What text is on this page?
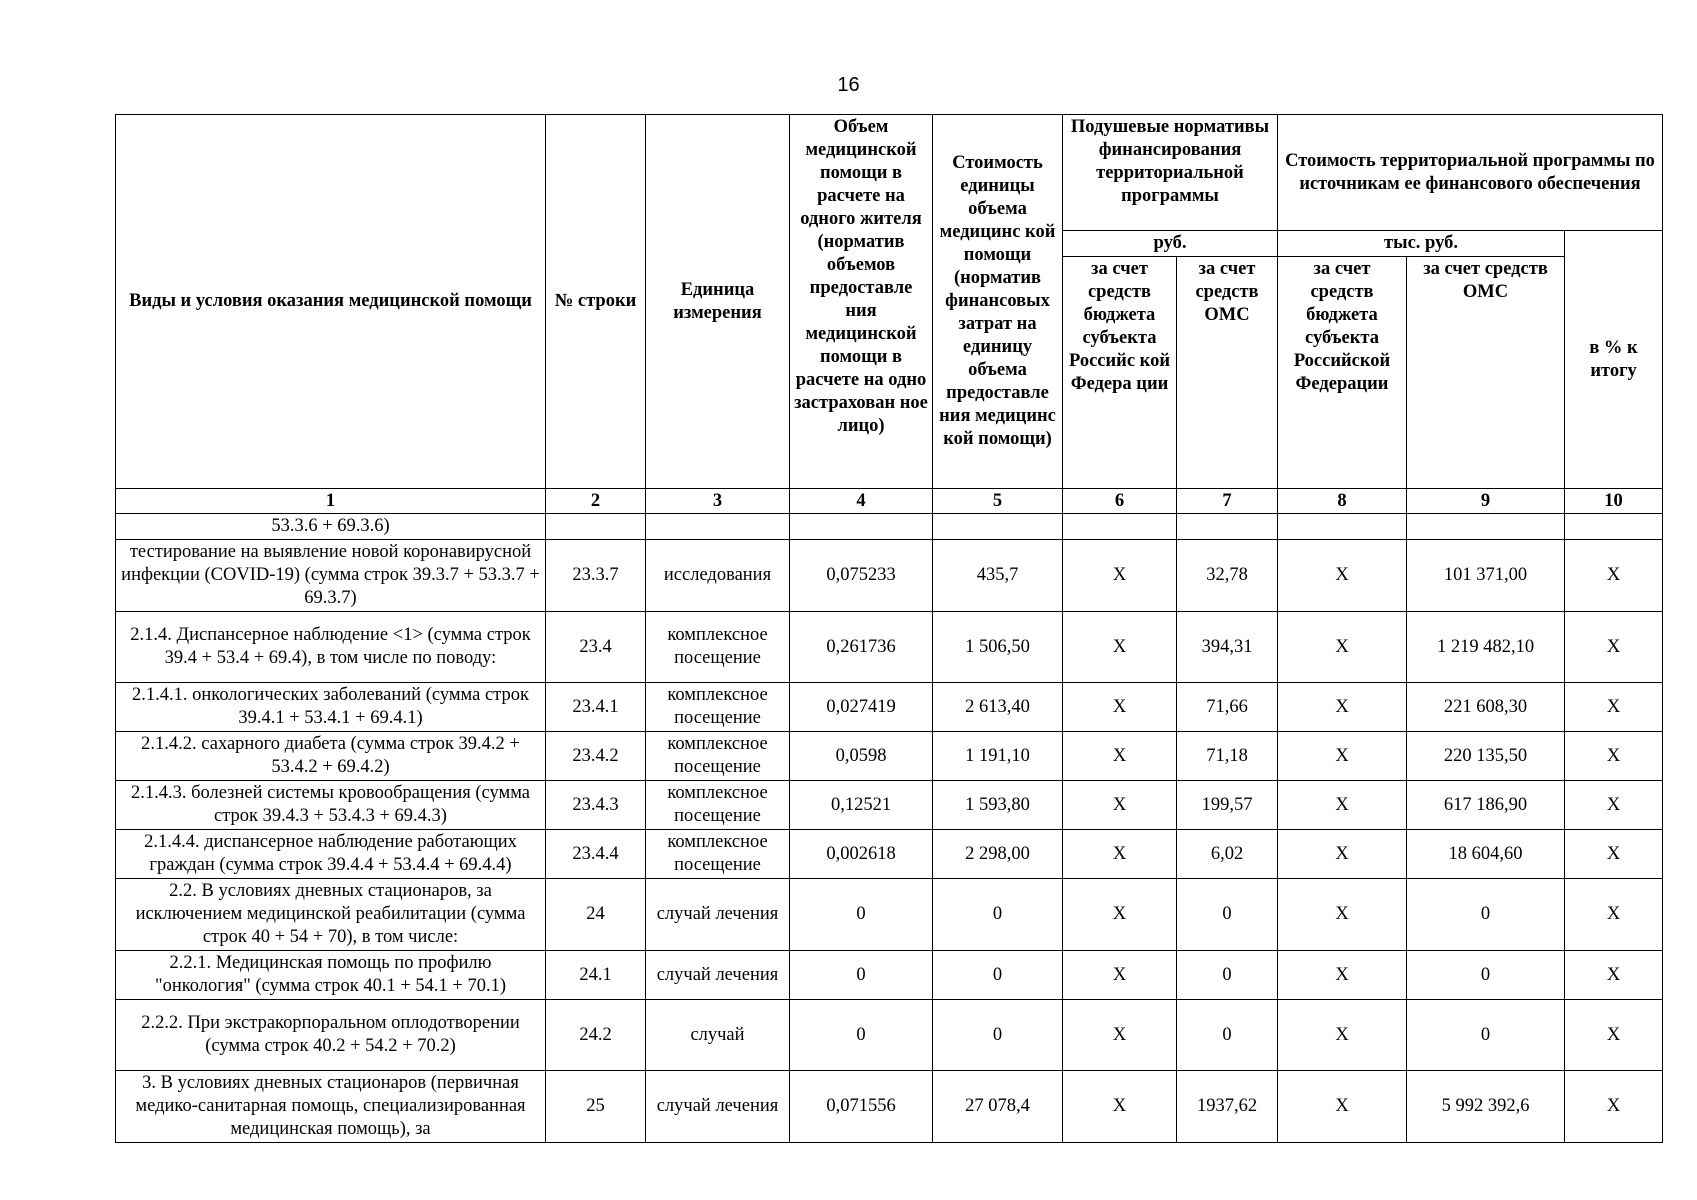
16
Виды и условия оказания медицинской помощи	№ строки	Единица измерения	Объем медицинской помощи в расчете на одного жителя (норматив объемов предоставле ния медицинской помощи в расчете на одно застрахован ное лицо)	Стоимость единицы объема медицинс кой помощи (норматив финансовых затрат на единицу объема предоставле ния медицинс кой помощи)	Подушевые нормативы финансирования территориальной программы		Стоимость территориальной программы по источникам ее финансового обеспечения		
					руб.		тыс. руб.		в % к итогу
					за счет средств бюджета субъекта Российс кой Федера ции	за счет средств ОМС	за счет средств бюджета субъекта Российской Федерации	за счет средств ОМС	
1	2	3	4	5	6	7	8	9	10
53.3.6 + 69.3.6)									
тестирование на выявление новой коронавирусной инфекции (COVID-19) (сумма строк 39.3.7 + 53.3.7 + 69.3.7)	23.3.7	исследования	0,075233	435,7	X	32,78	X	101 371,00	X
2.1.4. Диспансерное наблюдение <1> (сумма строк 39.4 + 53.4 + 69.4), в том числе по поводу:	23.4	комплексное посещение	0,261736	1 506,50	X	394,31	X	1 219 482,10	X
2.1.4.1. онкологических заболеваний (сумма строк 39.4.1 + 53.4.1 + 69.4.1)	23.4.1	комплексное посещение	0,027419	2 613,40	X	71,66	X	221 608,30	X
2.1.4.2. сахарного диабета (сумма строк 39.4.2 + 53.4.2 + 69.4.2)	23.4.2	комплексное посещение	0,0598	1 191,10	X	71,18	X	220 135,50	X
2.1.4.3. болезней системы кровообращения (сумма строк 39.4.3 + 53.4.3 + 69.4.3)	23.4.3	комплексное посещение	0,12521	1 593,80	X	199,57	X	617 186,90	X
2.1.4.4. диспансерное наблюдение работающих граждан (сумма строк 39.4.4 + 53.4.4 + 69.4.4)	23.4.4	комплексное посещение	0,002618	2 298,00	X	6,02	X	18 604,60	X
2.2. В условиях дневных стационаров, за исключением медицинской реабилитации (сумма строк 40 + 54 + 70), в том числе:	24	случай лечения	0	0	X	0	X	0	X
2.2.1. Медицинская помощь по профилю "онкология" (сумма строк 40.1 + 54.1 + 70.1)	24.1	случай лечения	0	0	X	0	X	0	X
2.2.2. При экстракорпоральном оплодотворении (сумма строк 40.2 + 54.2 + 70.2)	24.2	случай	0	0	X	0	X	0	X
3. В условиях дневных стационаров (первичная медико-санитарная помощь, специализированная медицинская помощь), за	25	случай лечения	0,071556	27 078,4	X	1937,62	X	5 992 392,6	X
